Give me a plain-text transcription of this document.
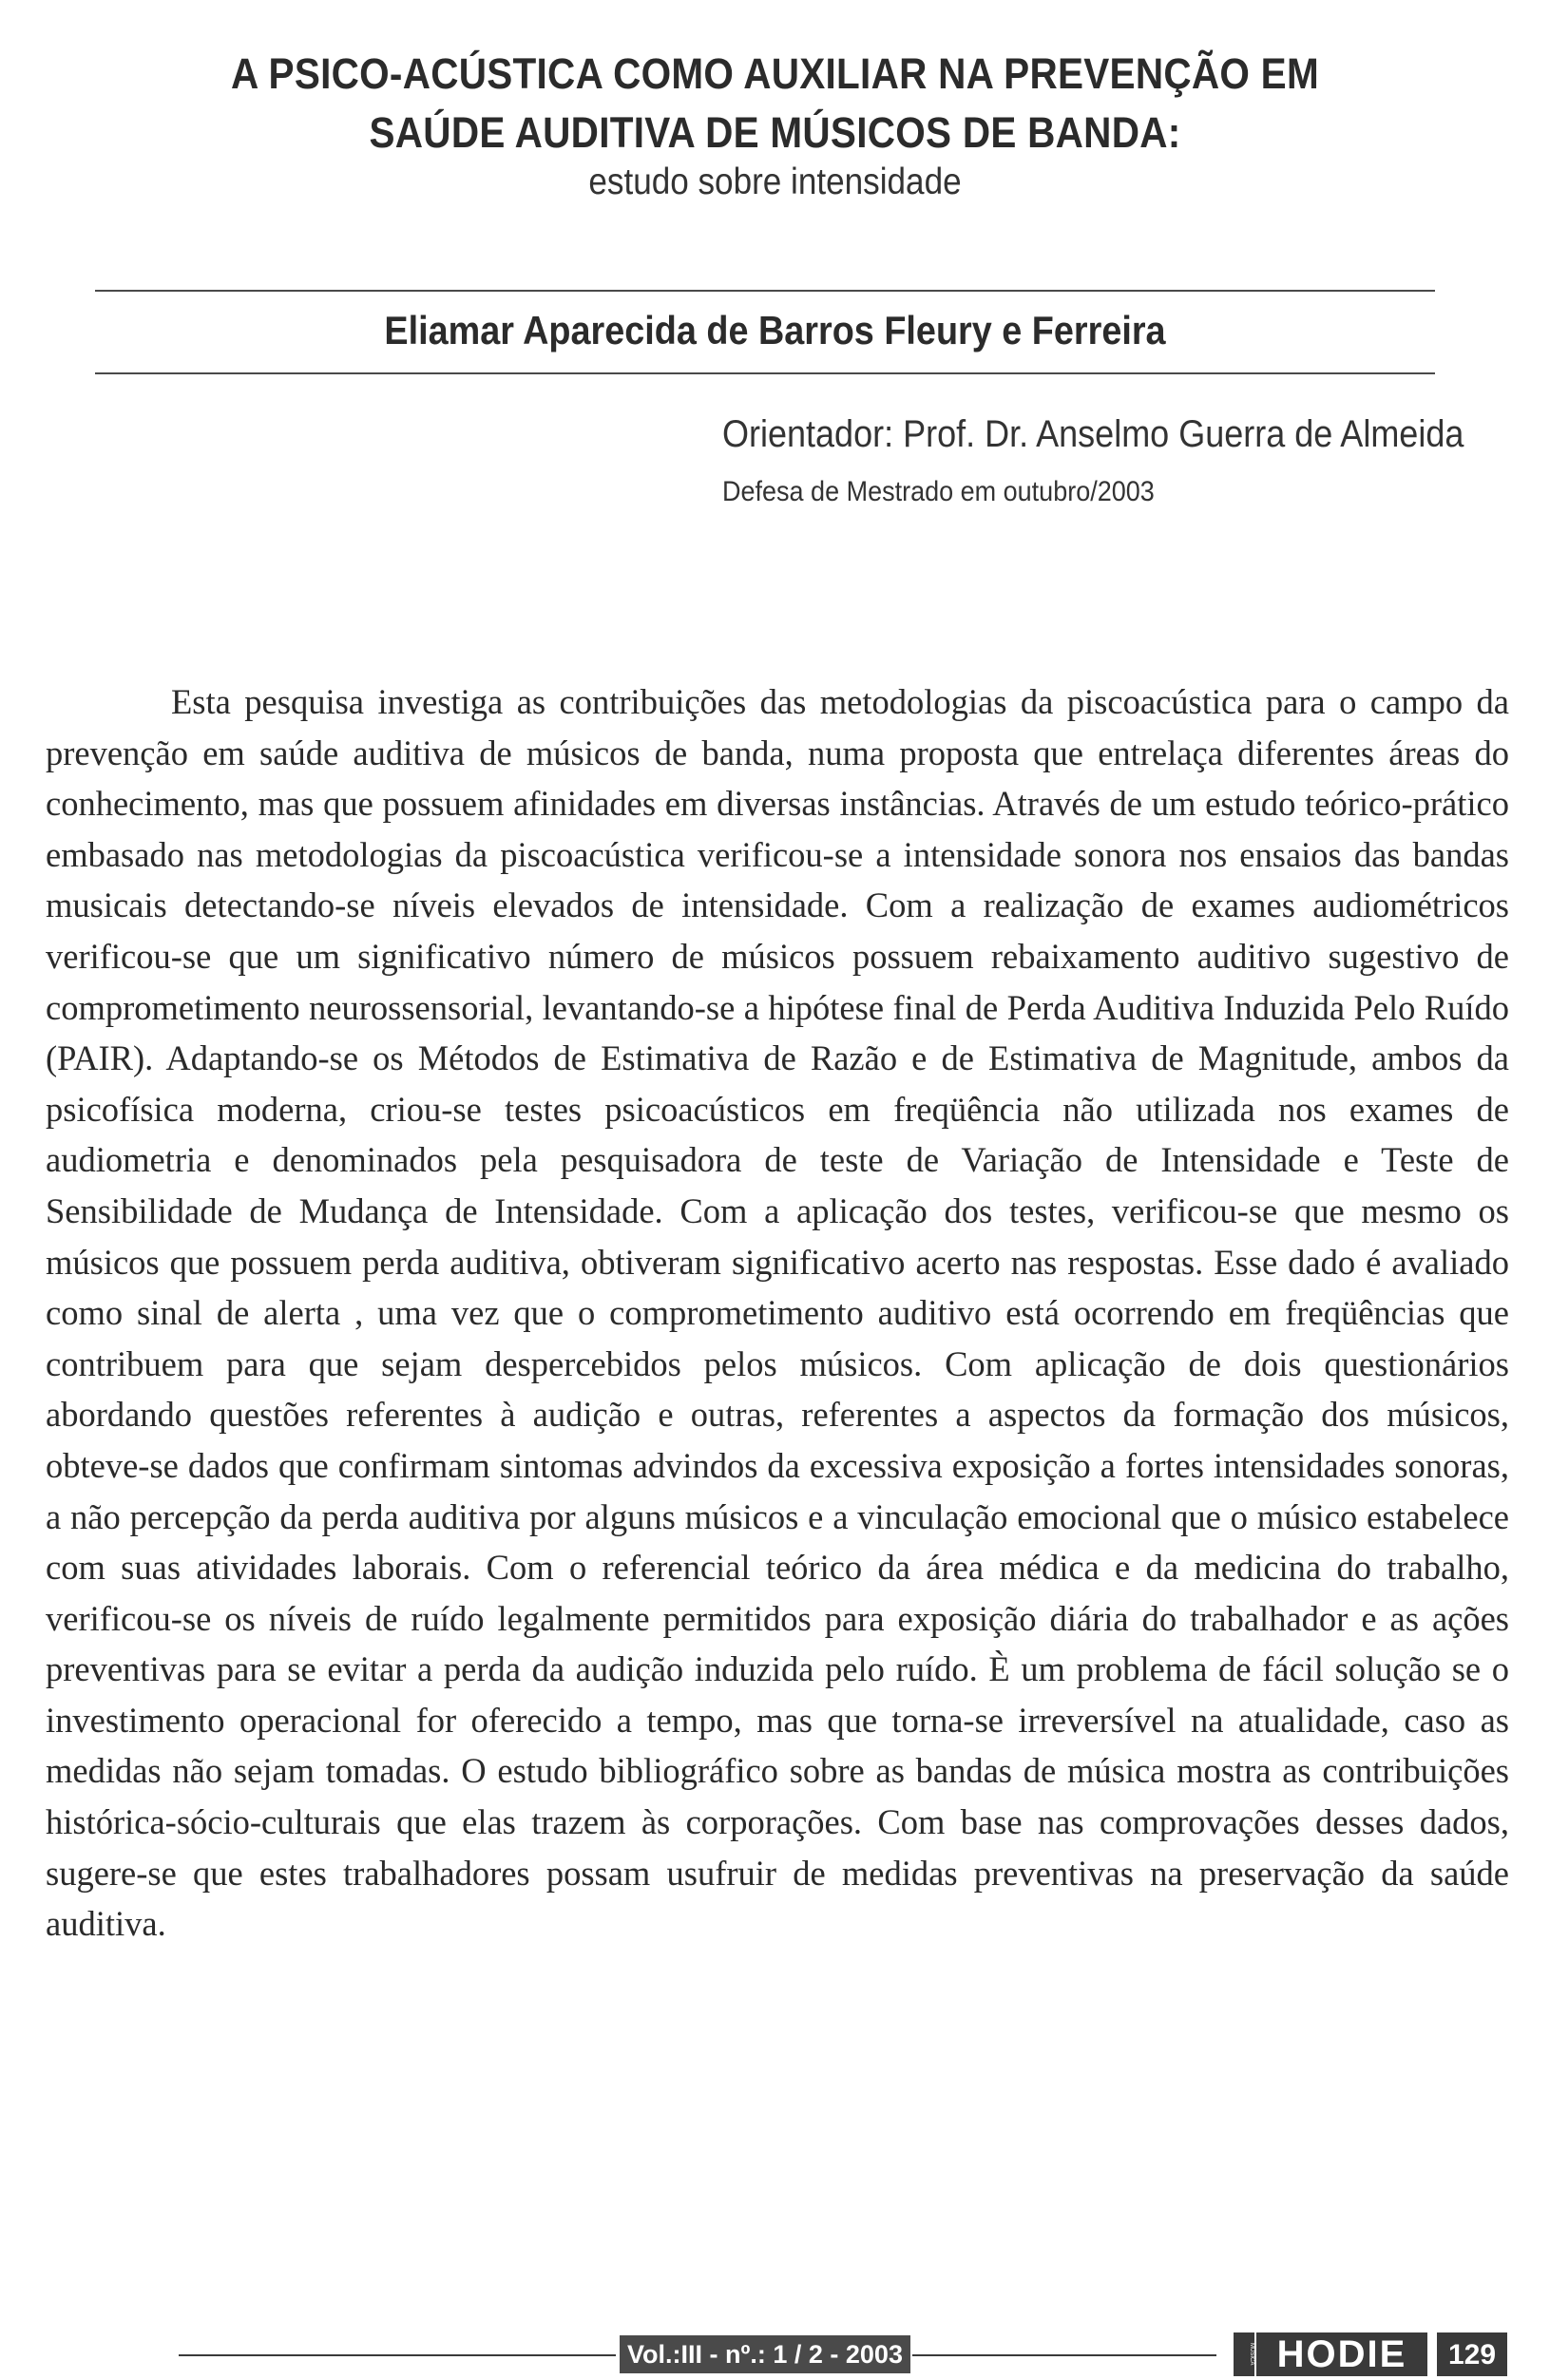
A PSICO-ACÚSTICA COMO AUXILIAR NA PREVENÇÃO EM
SAÚDE AUDITIVA DE MÚSICOS DE BANDA:
estudo sobre intensidade
Eliamar Aparecida de Barros Fleury e Ferreira
Orientador: Prof. Dr. Anselmo Guerra de Almeida
Defesa de Mestrado em outubro/2003

Esta pesquisa investiga as contribuições das metodologias da piscoacústica para o campo da prevenção em saúde auditiva de músicos de banda, numa proposta que entrelaça diferentes áreas do conhecimento, mas que possuem afinidades em diversas instâncias. Através de um estudo teórico-prático embasado nas metodologias da piscoacústica verificou-se a intensidade sonora nos ensaios das bandas musicais detectando-se níveis elevados de intensidade. Com a realização de exames audiométricos verificou-se que um significativo número de músicos possuem rebaixamento auditivo sugestivo de comprometimento neurossensorial, levantando-se a hipótese final de Perda Auditiva Induzida Pelo Ruído (PAIR). Adaptando-se os Métodos de Estimativa de Razão e de Estimativa de Magnitude, ambos da psicofísica moderna, criou-se testes psicoacústicos em freqüência não utilizada nos exames de audiometria e denominados pela pesquisadora de teste de Variação de Intensidade e Teste de Sensibilidade de Mudança de Intensidade. Com a aplicação dos testes, verificou-se que mesmo os músicos que possuem perda auditiva, obtiveram significativo acerto nas respostas. Esse dado é avaliado como sinal de alerta , uma vez que o comprometimento auditivo está ocorrendo em freqüências que contribuem para que sejam despercebidos pelos músicos. Com aplicação de dois questionários abordando questões referentes à audição e outras, referentes a aspectos da formação dos músicos, obteve-se dados que confirmam sintomas advindos da excessiva exposição a fortes intensidades sonoras, a não percepção da perda auditiva por alguns músicos e a vinculação emocional que o músico estabelece com suas atividades laborais. Com o referencial teórico da área médica e da medicina do trabalho, verificou-se os níveis de ruído legalmente permitidos para exposição diária do trabalhador e as ações preventivas para se evitar a perda da audição induzida pelo ruído. È um problema de fácil solução se o investimento operacional for oferecido a tempo, mas que torna-se irreversível na atualidade, caso as medidas não sejam tomadas. O estudo bibliográfico sobre as bandas de música mostra as contribuições histórica-sócio-culturais que elas trazem às corporações. Com base nas comprovações desses dados, sugere-se que estes trabalhadores possam usufruir de medidas preventivas na preservação da saúde auditiva.

Vol.:III - nº.: 1 / 2 - 2003	MÚSICA HODIE	129
